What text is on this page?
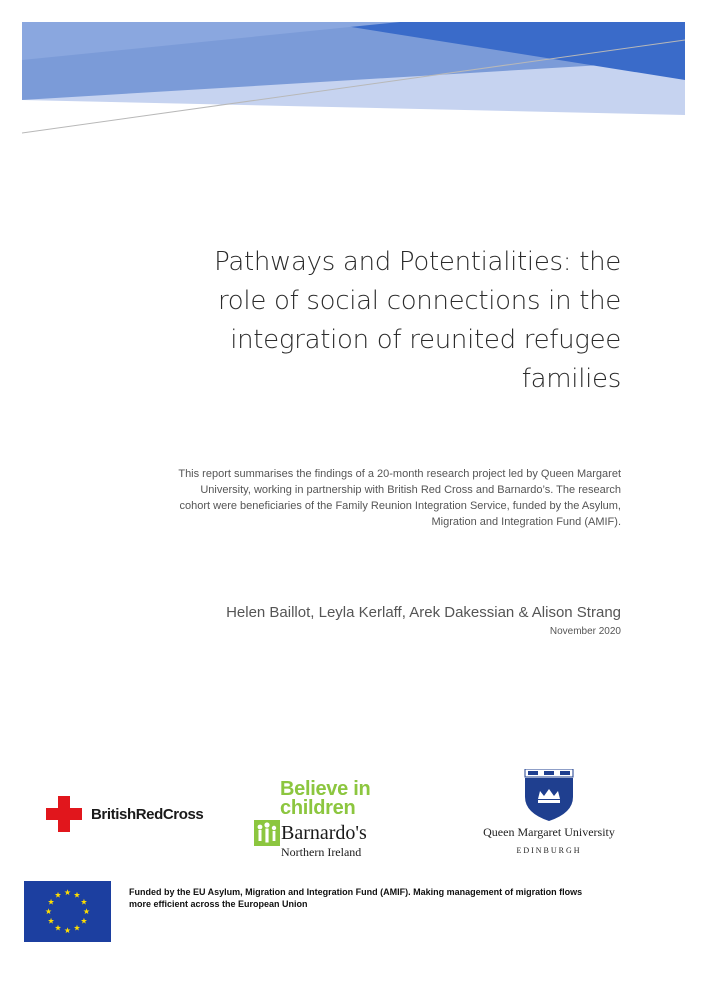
Pathways and Potentialities: the
role of social connections in the
integration of reunited refugee
families
This report summarises the findings of a 20-month research project led by Queen Margaret
University, working in partnership with British Red Cross and Barnardo’s. The research
cohort were beneficiaries of the Family Reunion Integration Service, funded by the Asylum,
Migration and Integration Fund (AMIF).
Helen Baillot, Leyla Kerlaff, Arek Dakessian & Alison Strang
November 2020
BritishRedCross
Believe in
children
Barnardo's
Northern Ireland
Queen Margaret University
EDINBURGH
Funded by the EU Asylum, Migration and Integration Fund (AMIF). Making management of migration flows
more efficient across the European Union
